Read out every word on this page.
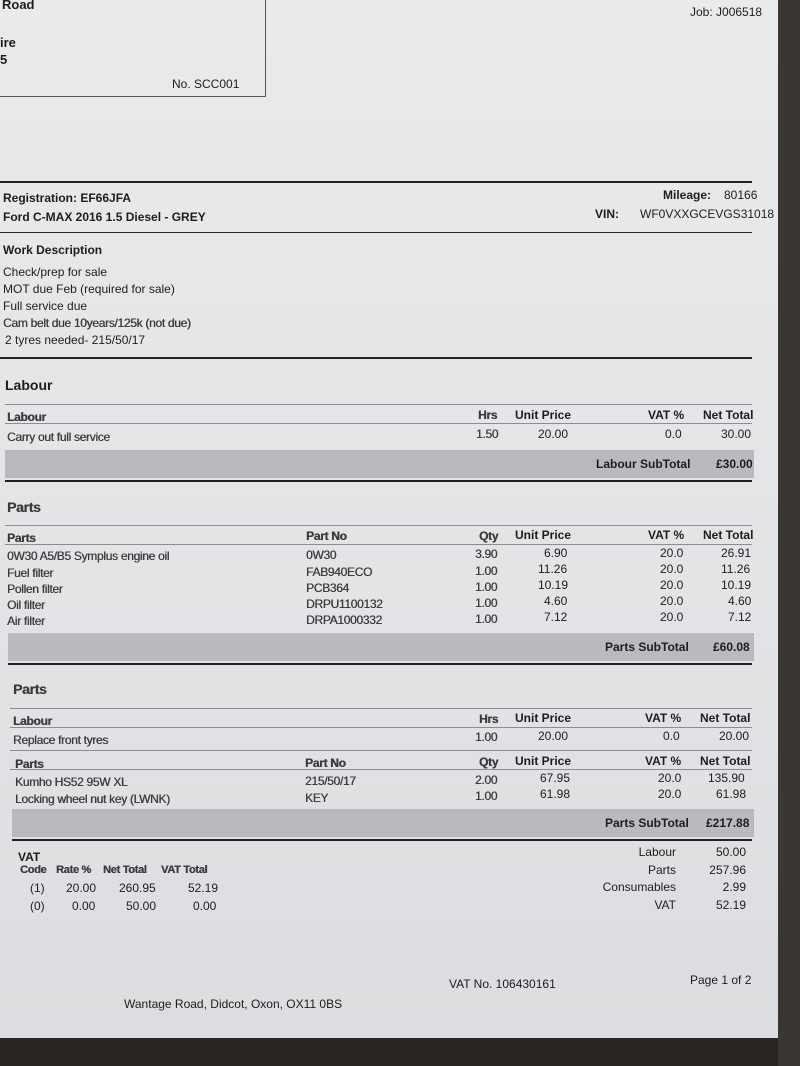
Road
ire
5
No. SCC001
Job: J006518
Registration: EF66JFA
Ford C-MAX 2016 1.5 Diesel - GREY
Mileage: 80166
VIN: WF0VXXGCEVGS31018
Work Description
Check/prep for sale
MOT due Feb (required for sale)
Full service due
Cam belt due 10years/125k (not due)
2 tyres needed- 215/50/17
Labour
Labour	Hrs Unit Price	VAT % Net Total
Carry out full service	1.50	20.00	0.0	30.00
Labour SubTotal £30.00
Parts
Parts	Part No	Qty Unit Price	VAT % Net Total
0W30 A5/B5 Symplus engine oil	0W30	3.90	6.90	20.0	26.91
Fuel filter	FAB940ECO	1.00	11.26	20.0	11.26
Pollen filter	PCB364	1.00	10.19	20.0	10.19
Oil filter	DRPU1100132	1.00	4.60	20.0	4.60
Air filter	DRPA1000332	1.00	7.12	20.0	7.12
Parts SubTotal £60.08
Parts
Labour	Hrs Unit Price	VAT % Net Total
Replace front tyres	1.00	20.00	0.0	20.00
Parts	Part No	Qty Unit Price	VAT % Net Total
Kumho HS52 95W XL	215/50/17	2.00	67.95	20.0 135.90
Locking wheel nut key (LWNK)	KEY	1.00	61.98	20.0	61.98
Parts SubTotal £217.88
VAT
Code Rate % Net Total VAT Total
(1) 20.00 260.95	52.19
(0) 0.00	50.00	0.00
Labour	50.00
Parts	257.96
Consumables	2.99
VAT	52.19
VAT No. 106430161	Page 1 of 2
Wantage Road, Didcot, Oxon, OX11 0BS
